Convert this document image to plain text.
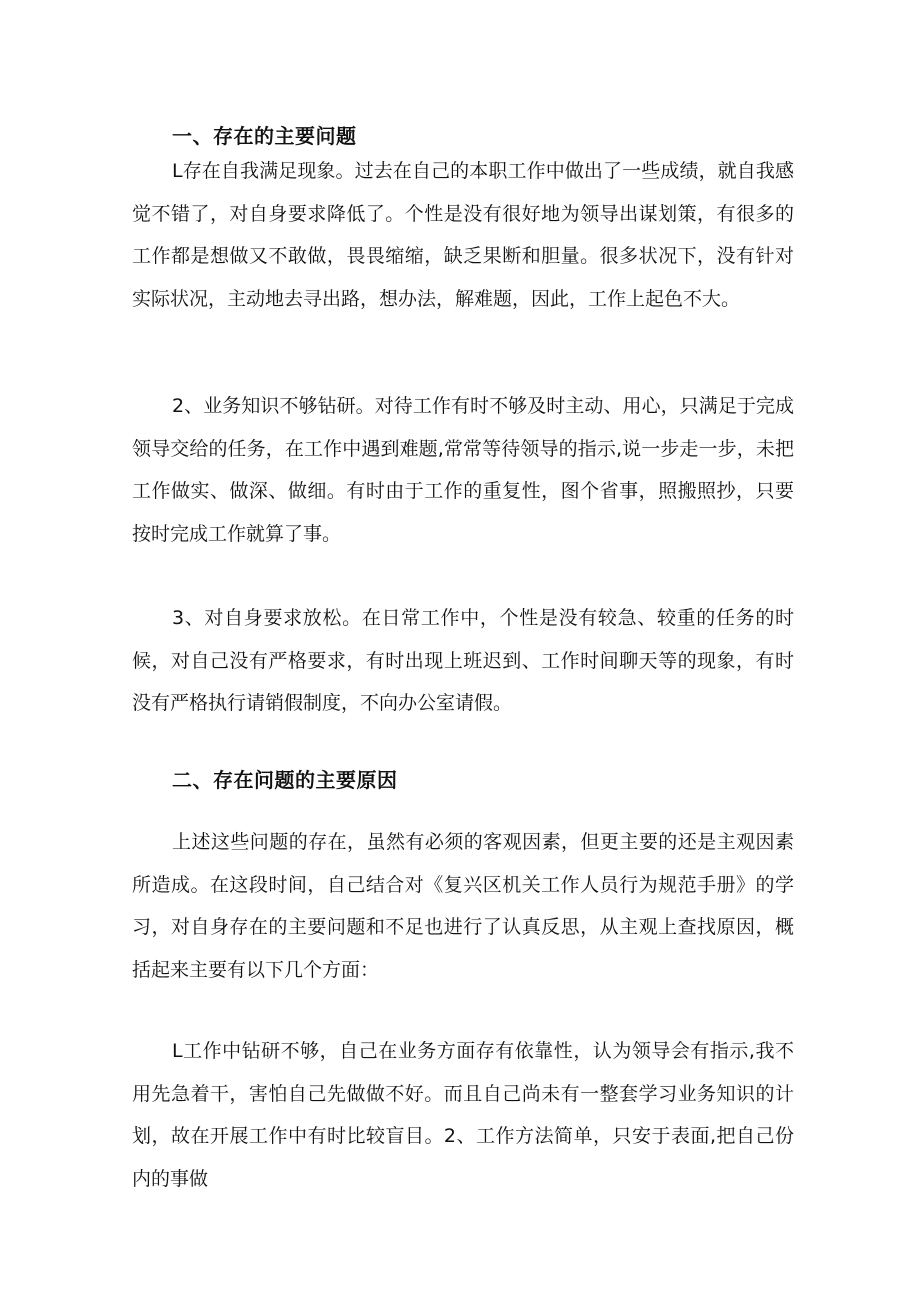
一、存在的主要问题

L存在自我满足现象。过去在自己的本职工作中做出了一些成绩，就自我感觉不错了，对自身要求降低了。个性是没有很好地为领导出谋划策，有很多的工作都是想做又不敢做，畏畏缩缩，缺乏果断和胆量。很多状况下，没有针对实际状况，主动地去寻出路，想办法，解难题，因此，工作上起色不大。

2、业务知识不够钻研。对待工作有时不够及时主动、用心，只满足于完成领导交给的任务，在工作中遇到难题,常常等待领导的指示,说一步走一步，未把工作做实、做深、做细。有时由于工作的重复性，图个省事，照搬照抄，只要按时完成工作就算了事。

3、对自身要求放松。在日常工作中，个性是没有较急、较重的任务的时候，对自己没有严格要求，有时出现上班迟到、工作时间聊天等的现象，有时没有严格执行请销假制度，不向办公室请假。

二、存在问题的主要原因

上述这些问题的存在，虽然有必须的客观因素，但更主要的还是主观因素所造成。在这段时间，自己结合对《复兴区机关工作人员行为规范手册》的学习，对自身存在的主要问题和不足也进行了认真反思，从主观上查找原因，概括起来主要有以下几个方面：

L工作中钻研不够，自己在业务方面存有依靠性，认为领导会有指示,我不用先急着干，害怕自己先做做不好。而且自己尚未有一整套学习业务知识的计划，故在开展工作中有时比较盲目。2、工作方法简单，只安于表面,把自己份内的事做
